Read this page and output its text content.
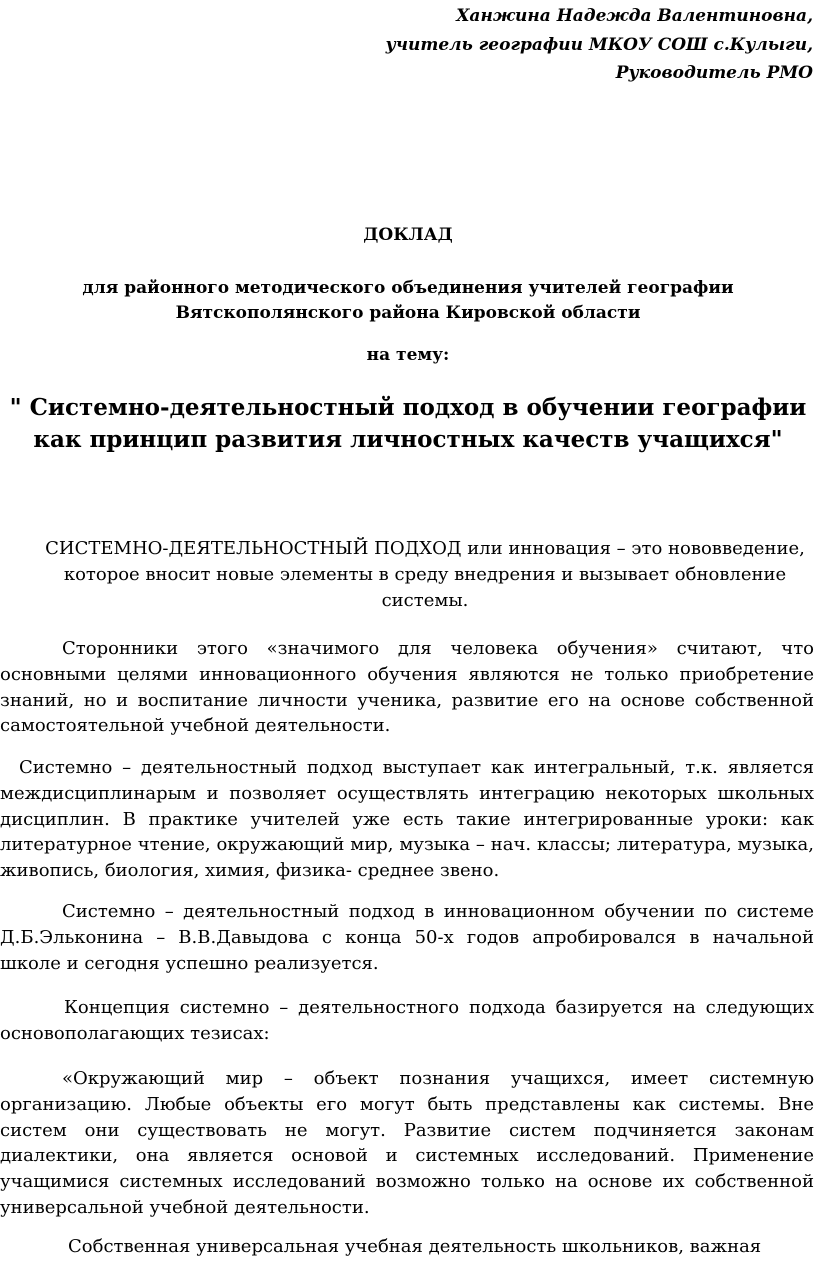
Ханжина Надежда Валентиновна,
учитель географии МКОУ СОШ с.Кулыги,
Руководитель РМО
ДОКЛАД
для районного методического объединения учителей географии
Вятскополянского района Кировской области
на тему:
" Системно-деятельностный подход в обучении географии
как принцип развития личностных качеств учащихся"

СИСТЕМНО-ДЕЯТЕЛЬНОСТНЫЙ ПОДХОД или инновация – это нововведение, которое вносит новые элементы в среду внедрения и вызывает обновление системы.

Сторонники этого «значимого для человека обучения» считают, что основными целями инновационного обучения являются не только приобретение знаний, но и воспитание личности ученика, развитие его на основе собственной самостоятельной учебной деятельности.

Системно – деятельностный подход выступает как интегральный, т.к. является междисциплинарым и позволяет осуществлять интеграцию некоторых школьных дисциплин. В практике учителей уже есть такие интегрированные уроки: как литературное чтение, окружающий мир, музыка – нач. классы; литература, музыка, живопись, биология, химия, физика- среднее звено.

Системно – деятельностный подход в инновационном обучении по системе Д.Б.Эльконина – В.В.Давыдова с конца 50-х годов апробировался в начальной школе и сегодня успешно реализуется.

Концепция системно – деятельностного подхода базируется на следующих основополагающих тезисах:

«Окружающий мир – объект познания учащихся, имеет системную организацию. Любые объекты его могут быть представлены как системы. Вне систем они существовать не могут. Развитие систем подчиняется законам диалектики, она является основой и системных исследований. Применение учащимися системных исследований возможно только на основе их собственной универсальной учебной деятельности.

Собственная универсальная учебная деятельность школьников, важная
